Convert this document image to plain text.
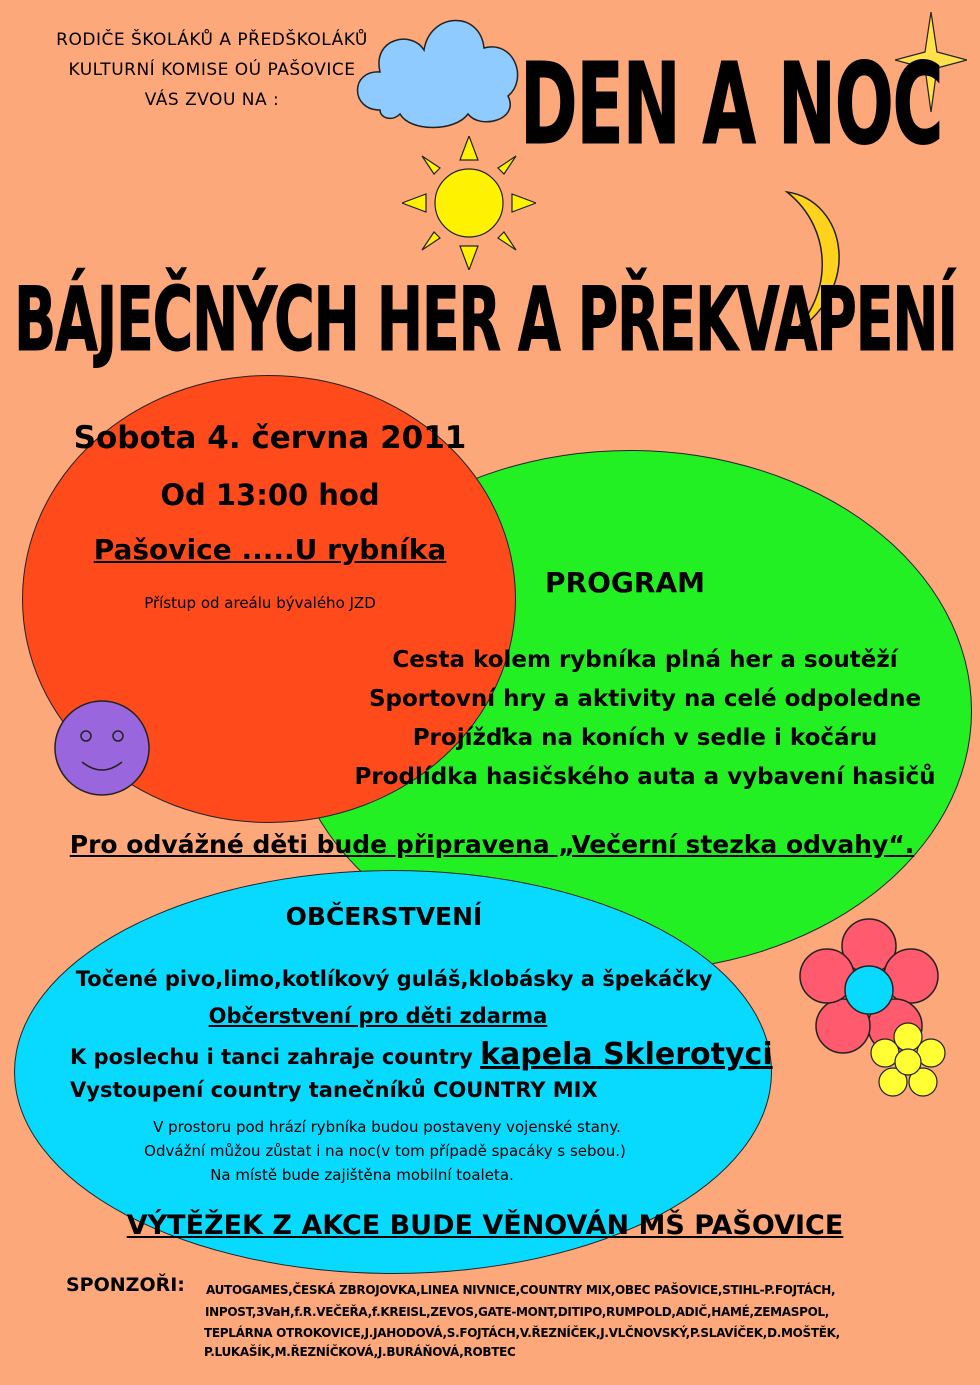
RODIČE ŠKOLÁKŮ A PŘEDŠKOLÁKŮ
KULTURNÍ KOMISE OÚ PAŠOVICE
VÁS ZVOU NA : DEN A NOC
BÁJEČNÝCH HER A PŘEKVAPENÍ
Sobota 4. června 2011
Od 13:00 hod
Pašovice .....U rybníka
Přístup od areálu bývalého JZD
PROGRAM
Cesta kolem rybníka plná her a soutěží
Sportovní hry a aktivity na celé odpoledne
Projížďka na koních v sedle i kočáru
Prodlídka hasičského auta a vybavení hasičů
Pro odvážné děti bude připravena „Večerní stezka odvahy“.
OBČERSTVENÍ
Točené pivo,limo,kotlíkový guláš,klobásky a špekáčky
Občerstvení pro děti zdarma
K poslechu i tanci zahraje country kapela Sklerotyci
Vystoupení country tanečníků COUNTRY MIX
V prostoru pod hrází rybníka budou postaveny vojenské stany.
Odvážní můžou zůstat i na noc(v tom případě spacáky s sebou.)
Na místě bude zajištěna mobilní toaleta.
VÝTĚŽEK Z AKCE BUDE VĚNOVÁN MŠ PAŠOVICE
SPONZOŘI: AUTOGAMES,ČESKÁ ZBROJOVKA,LINEA NIVNICE,COUNTRY MIX,OBEC PAŠOVICE,STIHL-P.FOJTÁCH,
INPOST,3VaH,f.R.VEČEŘA,f.KREISL,ZEVOS,GATE-MONT,DITIPO,RUMPOLD,ADIČ,HAMÉ,ZEMASPOL,
TEPLÁRNA OTROKOVICE,J.JAHODOVÁ,S.FOJTÁCH,V.ŘEZNÍČEK,J.VLČNOVSKÝ,P.SLAVÍČEK,D.MOŠTĚK,
P.LUKAŠÍK,M.ŘEZNÍČKOVÁ,J.BURÁŇOVÁ,ROBTEC
